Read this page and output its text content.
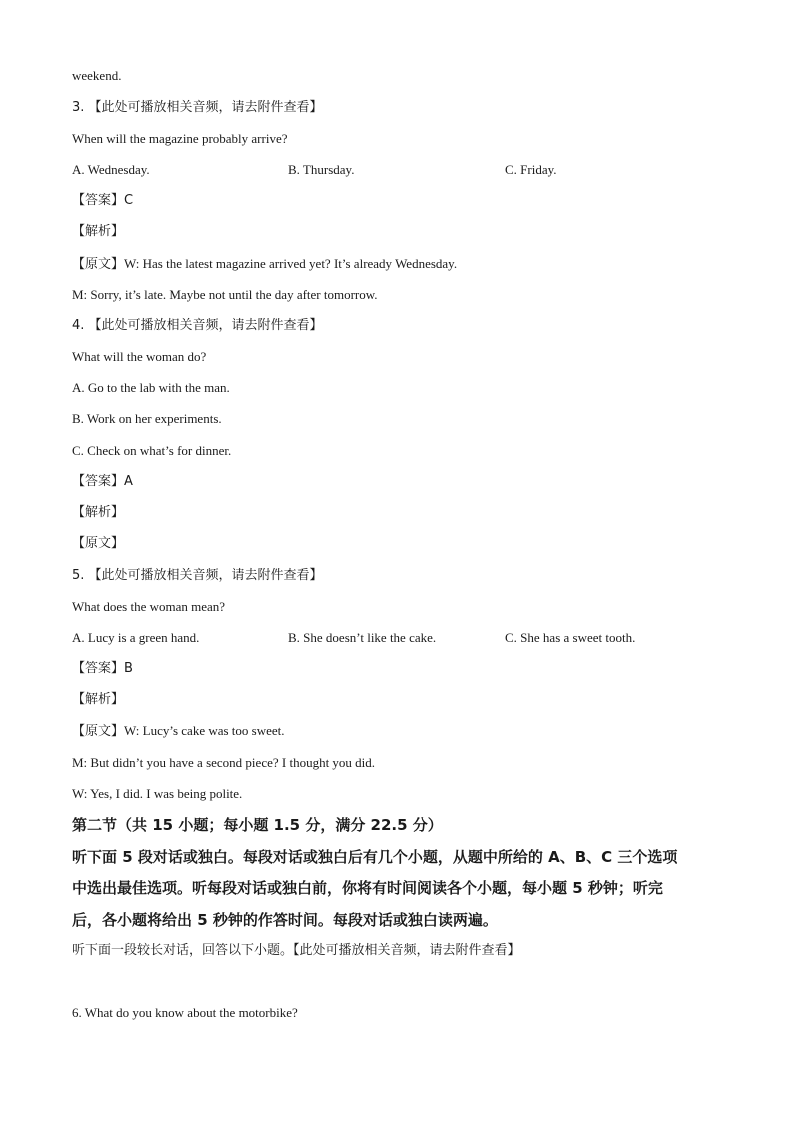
weekend.
3. 【此处可播放相关音频，请去附件查看】
When will the magazine probably arrive?
A. Wednesday.	B. Thursday.	C. Friday.
【答案】C
【解析】
【原文】W: Has the latest magazine arrived yet? It’s already Wednesday.
M: Sorry, it’s late. Maybe not until the day after tomorrow.
4. 【此处可播放相关音频，请去附件查看】
What will the woman do?
A. Go to the lab with the man.
B. Work on her experiments.
C. Check on what’s for dinner.
【答案】A
【解析】
【原文】
5. 【此处可播放相关音频，请去附件查看】
What does the woman mean?
A. Lucy is a green hand.	B. She doesn’t like the cake.	C. She has a sweet tooth.
【答案】B
【解析】
【原文】W: Lucy’s cake was too sweet.
M: But didn’t you have a second piece? I thought you did.
W: Yes, I did. I was being polite.
第二节（共 15 小题；每小题 1.5 分，满分 22.5 分）
听下面 5 段对话或独白。每段对话或独白后有几个小题，从题中所给的 A、B、C 三个选项
中选出最佳选项。听每段对话或独白前，你将有时间阅读各个小题，每小题 5 秒钟；听完
后，各小题将给出 5 秒钟的作答时间。每段对话或独白读两遍。
听下面一段较长对话，回答以下小题。【此处可播放相关音频，请去附件查看】
6. What do you know about the motorbike?
